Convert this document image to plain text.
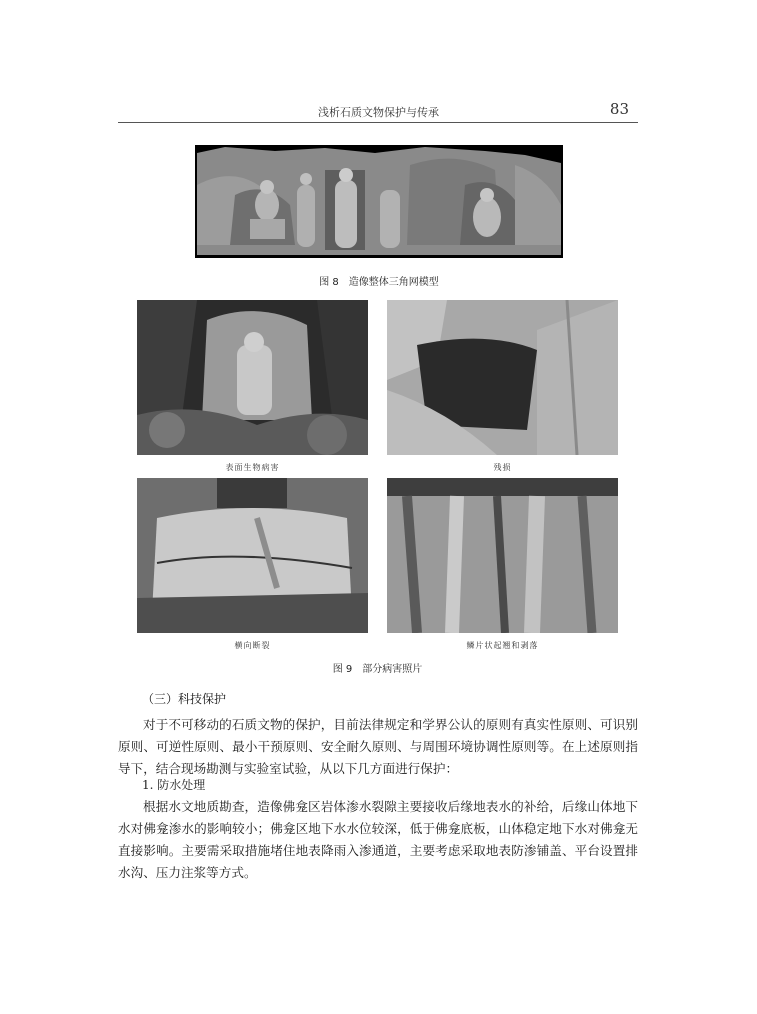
浅析石质文物保护与传承	83
图 8　造像整体三角网模型
表面生物病害	残损
横向断裂	鳞片状起翘和剥落
图 9　部分病害照片
（三）科技保护

对于不可移动的石质文物的保护，目前法律规定和学界公认的原则有真实性原则、可识别原则、可逆性原则、最小干预原则、安全耐久原则、与周围环境协调性原则等。在上述原则指导下，结合现场勘测与实验室试验，从以下几方面进行保护：

1. 防水处理

根据水文地质勘查，造像佛龛区岩体渗水裂隙主要接收后缘地表水的补给，后缘山体地下水对佛龛渗水的影响较小；佛龛区地下水水位较深，低于佛龛底板，山体稳定地下水对佛龛无直接影响。主要需采取措施堵住地表降雨入渗通道，主要考虑采取地表防渗铺盖、平台设置排水沟、压力注浆等方式。
